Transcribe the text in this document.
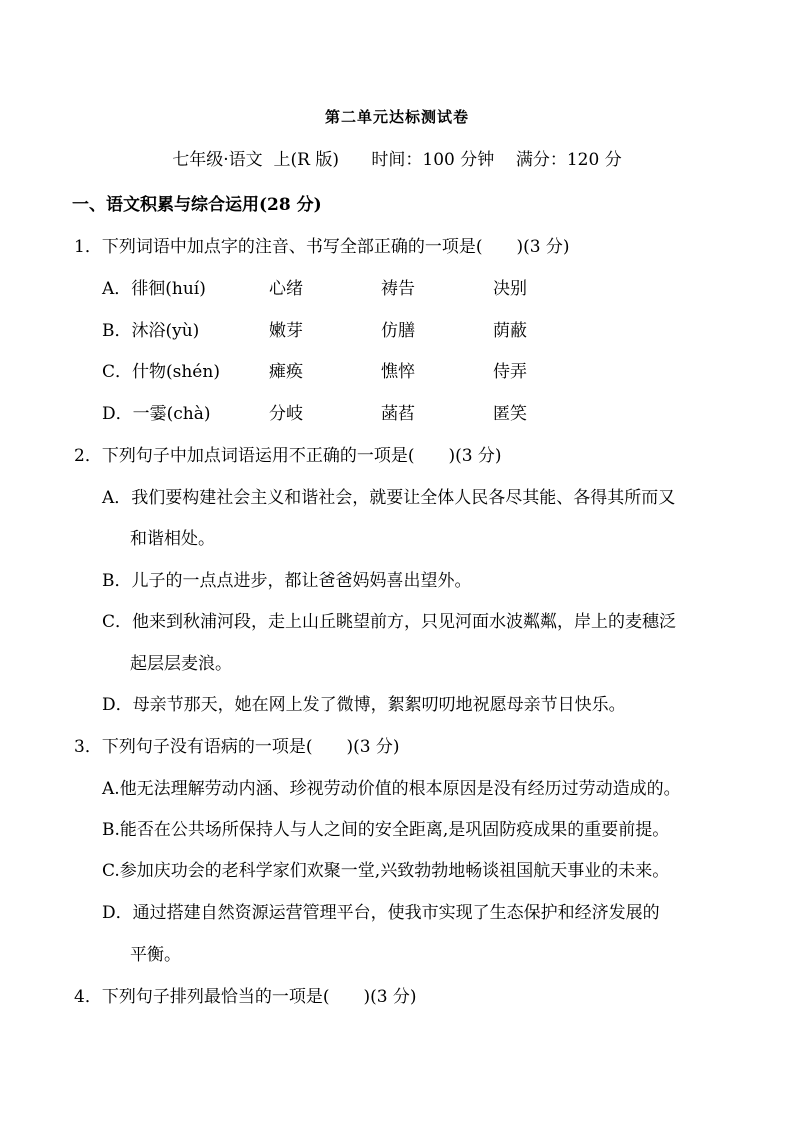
第二单元达标测试卷
七年级·语文  上(R 版)      时间：100 分钟    满分：120 分
一、语文积累与综合运用(28 分)
1．下列词语中加点字的注音、书写全部正确的一项是(　　)(3 分)
A．徘徊(huí)	心绪	祷告	决别
B．沐浴(yù)	嫩芽	仿膳	荫蔽
C．什物(shén)	瘫痪	憔悴	侍弄
D．一霎(chà)	分岐	菡萏	匿笑
2．下列句子中加点词语运用不正确的一项是(　　)(3 分)
A．我们要构建社会主义和谐社会，就要让全体人民各尽其能、各得其所而又
和谐相处。
B．儿子的一点点进步，都让爸爸妈妈喜出望外。
C．他来到秋浦河段，走上山丘眺望前方，只见河面水波粼粼，岸上的麦穗泛
起层层麦浪。
D．母亲节那天，她在网上发了微博，絮絮叨叨地祝愿母亲节日快乐。
3．下列句子没有语病的一项是(　　)(3 分)
A.他无法理解劳动内涵、珍视劳动价值的根本原因是没有经历过劳动造成的。
B.能否在公共场所保持人与人之间的安全距离,是巩固防疫成果的重要前提。
C.参加庆功会的老科学家们欢聚一堂,兴致勃勃地畅谈祖国航天事业的未来。
D．通过搭建自然资源运营管理平台，使我市实现了生态保护和经济发展的
平衡。
4．下列句子排列最恰当的一项是(　　)(3 分)
